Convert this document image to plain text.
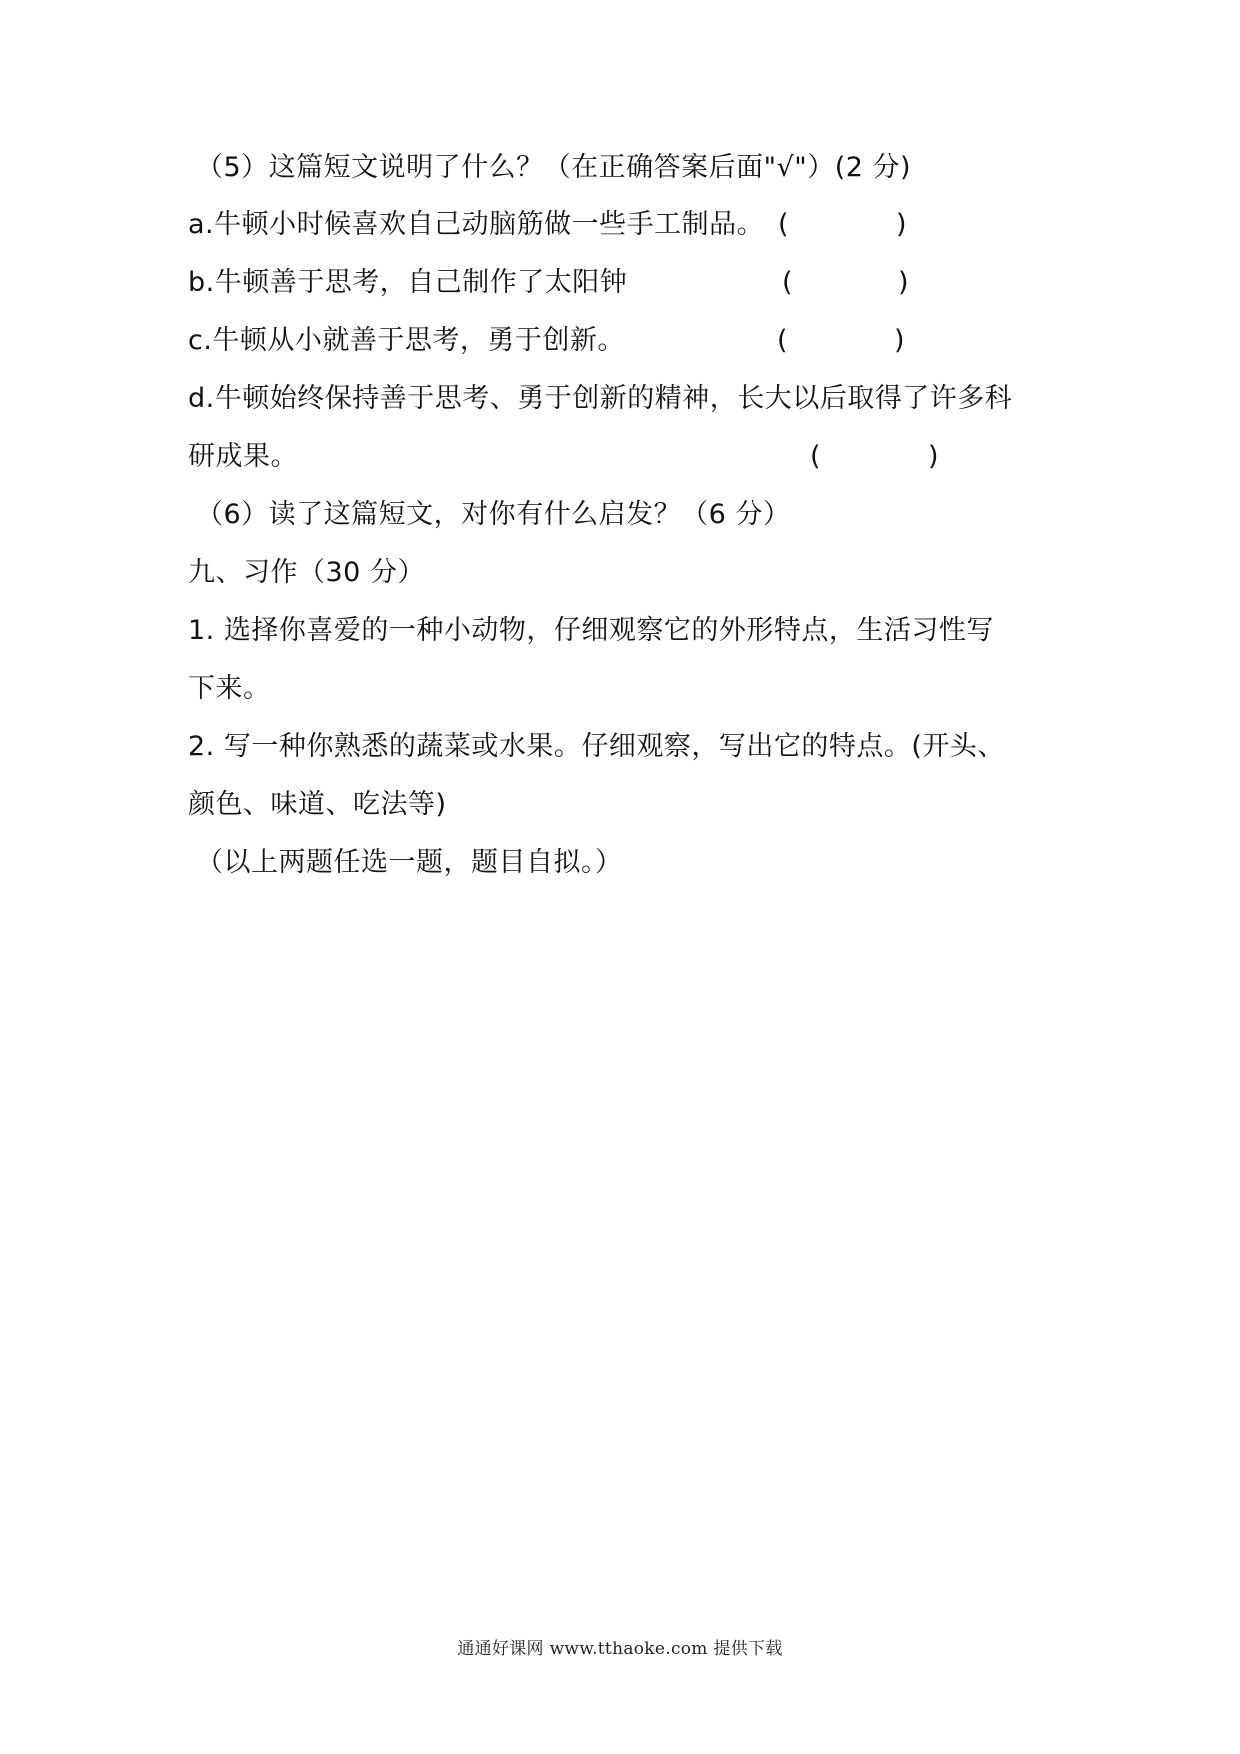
（5）这篇短文说明了什么？（在正确答案后面"√"）(2 分)
a.牛顿小时候喜欢自己动脑筋做一些手工制品。 (	)
b.牛顿善于思考，自己制作了太阳钟	(	)
c.牛顿从小就善于思考，勇于创新。	(	)
d.牛顿始终保持善于思考、勇于创新的精神，长大以后取得了许多科
研成果。	(	)
（6）读了这篇短文，对你有什么启发？（6 分）
九、习作（30 分）
1. 选择你喜爱的一种小动物，仔细观察它的外形特点，生活习性写
下来。
2. 写一种你熟悉的蔬菜或水果。仔细观察，写出它的特点。(开头、
颜色、味道、吃法等)
（以上两题任选一题，题目自拟。）
通通好课网 www.tthaoke.com 提供下载
